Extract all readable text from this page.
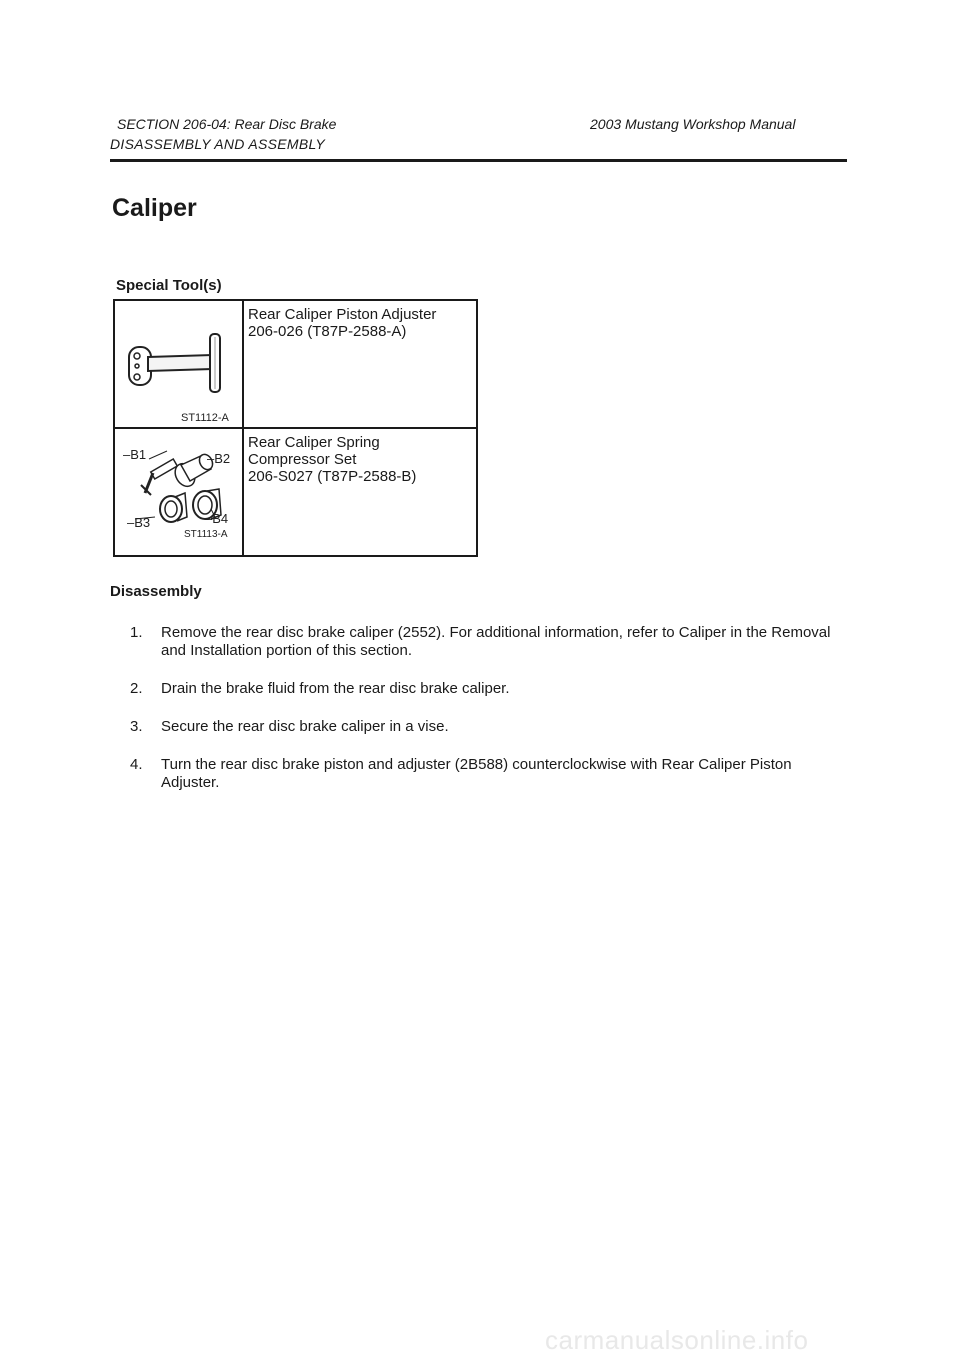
SECTION 206-04: Rear Disc Brake	2003 Mustang Workshop Manual
DISASSEMBLY AND ASSEMBLY
Caliper
Special Tool(s)
ST1112-A	Rear Caliper Piston Adjuster
206-026 (T87P-2588-A)

–B1 –B2
–B3 –B4
ST1113-A	Rear Caliper Spring
Compressor Set
206-S027 (T87P-2588-B)
Disassembly
1. Remove the rear disc brake caliper (2552). For additional information, refer to Caliper in the Removal and Installation portion of this section.
2. Drain the brake fluid from the rear disc brake caliper.
3. Secure the rear disc brake caliper in a vise.
4. Turn the rear disc brake piston and adjuster (2B588) counterclockwise with Rear Caliper Piston Adjuster.
carmanualsonline.info
